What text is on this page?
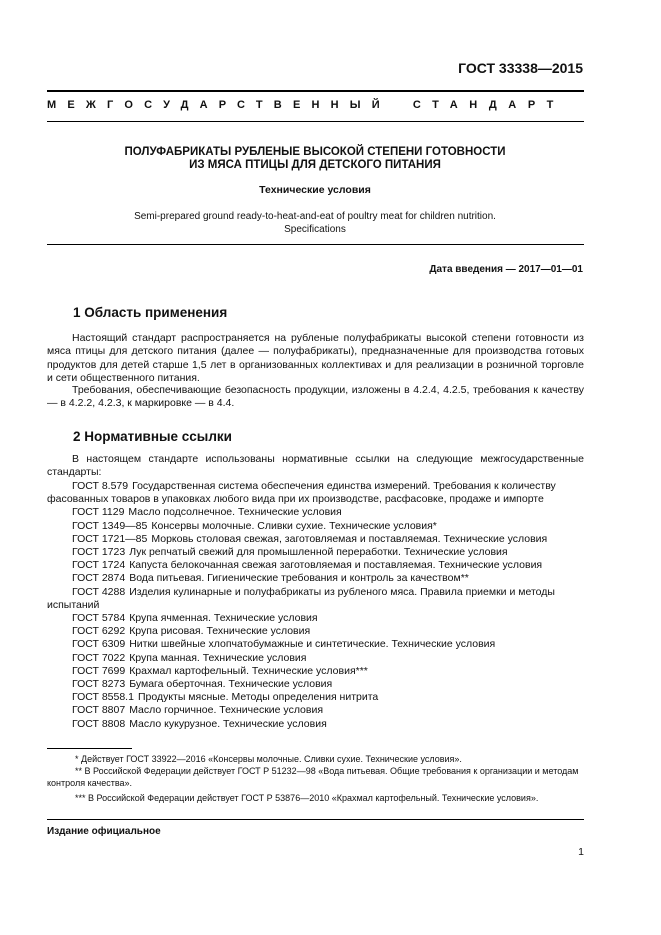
ГОСТ 33338—2015
МЕЖГОСУДАРСТВЕННЫЙ СТАНДАРТ
ПОЛУФАБРИКАТЫ РУБЛЕНЫЕ ВЫСОКОЙ СТЕПЕНИ ГОТОВНОСТИ
ИЗ МЯСА ПТИЦЫ ДЛЯ ДЕТСКОГО ПИТАНИЯ
Технические условия
Semi-prepared ground ready-to-heat-and-eat of poultry meat for children nutrition.
Specifications
Дата введения — 2017—01—01
1 Область применения
Настоящий стандарт распространяется на рубленые полуфабрикаты высокой степени готовности из мяса птицы для детского питания (далее — полуфабрикаты), предназначенные для производства готовых продуктов для детей старше 1,5 лет в организованных коллективах и для реализации в розничной торговле и сети общественного питания.
Требования, обеспечивающие безопасность продукции, изложены в 4.2.4, 4.2.5, требования к качеству — в 4.2.2, 4.2.3, к маркировке — в 4.4.
2 Нормативные ссылки
В настоящем стандарте использованы нормативные ссылки на следующие межгосударственные стандарты:
ГОСТ 8.579 Государственная система обеспечения единства измерений. Требования к количеству фасованных товаров в упаковках любого вида при их производстве, расфасовке, продаже и импорте
ГОСТ 1129 Масло подсолнечное. Технические условия
ГОСТ 1349—85 Консервы молочные. Сливки сухие. Технические условия*
ГОСТ 1721—85 Морковь столовая свежая, заготовляемая и поставляемая. Технические условия
ГОСТ 1723 Лук репчатый свежий для промышленной переработки. Технические условия
ГОСТ 1724 Капуста белокочанная свежая заготовляемая и поставляемая. Технические условия
ГОСТ 2874 Вода питьевая. Гигиенические требования и контроль за качеством**
ГОСТ 4288 Изделия кулинарные и полуфабрикаты из рубленого мяса. Правила приемки и методы испытаний
ГОСТ 5784 Крупа ячменная. Технические условия
ГОСТ 6292 Крупа рисовая. Технические условия
ГОСТ 6309 Нитки швейные хлопчатобумажные и синтетические. Технические условия
ГОСТ 7022 Крупа манная. Технические условия
ГОСТ 7699 Крахмал картофельный. Технические условия***
ГОСТ 8273 Бумага оберточная. Технические условия
ГОСТ 8558.1 Продукты мясные. Методы определения нитрита
ГОСТ 8807 Масло горчичное. Технические условия
ГОСТ 8808 Масло кукурузное. Технические условия

* Действует ГОСТ 33922—2016 «Консервы молочные. Сливки сухие. Технические условия».

** В Российской Федерации действует ГОСТ Р 51232—98 «Вода питьевая. Общие требования к организации и методам контроля качества».

*** В Российской Федерации действует ГОСТ Р 53876—2010 «Крахмал картофельный. Технические условия».

Издание официальное
1
